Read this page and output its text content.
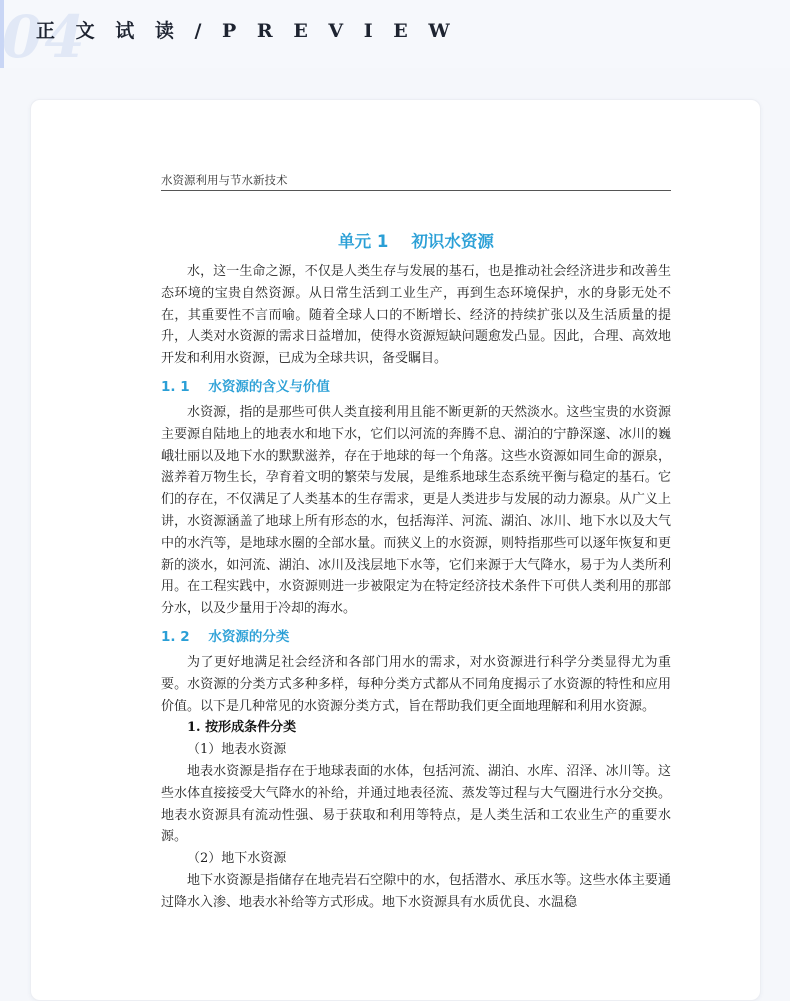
04
正 文 试 读 / P R E V I E W
水资源利用与节水新技术
单元 1    初识水资源

水，这一生命之源，不仅是人类生存与发展的基石，也是推动社会经济进步和改善生态环境的宝贵自然资源。从日常生活到工业生产，再到生态环境保护，水的身影无处不在，其重要性不言而喻。随着全球人口的不断增长、经济的持续扩张以及生活质量的提升，人类对水资源的需求日益增加，使得水资源短缺问题愈发凸显。因此，合理、高效地开发和利用水资源，已成为全球共识，备受瞩目。

1. 1    水资源的含义与价值

水资源，指的是那些可供人类直接利用且能不断更新的天然淡水。这些宝贵的水资源主要源自陆地上的地表水和地下水，它们以河流的奔腾不息、湖泊的宁静深邃、冰川的巍峨壮丽以及地下水的默默滋养，存在于地球的每一个角落。这些水资源如同生命的源泉，滋养着万物生长，孕育着文明的繁荣与发展，是维系地球生态系统平衡与稳定的基石。它们的存在，不仅满足了人类基本的生存需求，更是人类进步与发展的动力源泉。从广义上讲，水资源涵盖了地球上所有形态的水，包括海洋、河流、湖泊、冰川、地下水以及大气中的水汽等，是地球水圈的全部水量。而狭义上的水资源，则特指那些可以逐年恢复和更新的淡水，如河流、湖泊、冰川及浅层地下水等，它们来源于大气降水，易于为人类所利用。在工程实践中，水资源则进一步被限定为在特定经济技术条件下可供人类利用的那部分水，以及少量用于冷却的海水。

1. 2    水资源的分类

为了更好地满足社会经济和各部门用水的需求，对水资源进行科学分类显得尤为重要。水资源的分类方式多种多样，每种分类方式都从不同角度揭示了水资源的特性和应用价值。以下是几种常见的水资源分类方式，旨在帮助我们更全面地理解和利用水资源。

1. 按形成条件分类
（1）地表水资源

地表水资源是指存在于地球表面的水体，包括河流、湖泊、水库、沼泽、冰川等。这些水体直接接受大气降水的补给，并通过地表径流、蒸发等过程与大气圈进行水分交换。地表水资源具有流动性强、易于获取和利用等特点，是人类生活和工农业生产的重要水源。

（2）地下水资源

地下水资源是指储存在地壳岩石空隙中的水，包括潜水、承压水等。这些水体主要通过降水入渗、地表水补给等方式形成。地下水资源具有水质优良、水温稳
